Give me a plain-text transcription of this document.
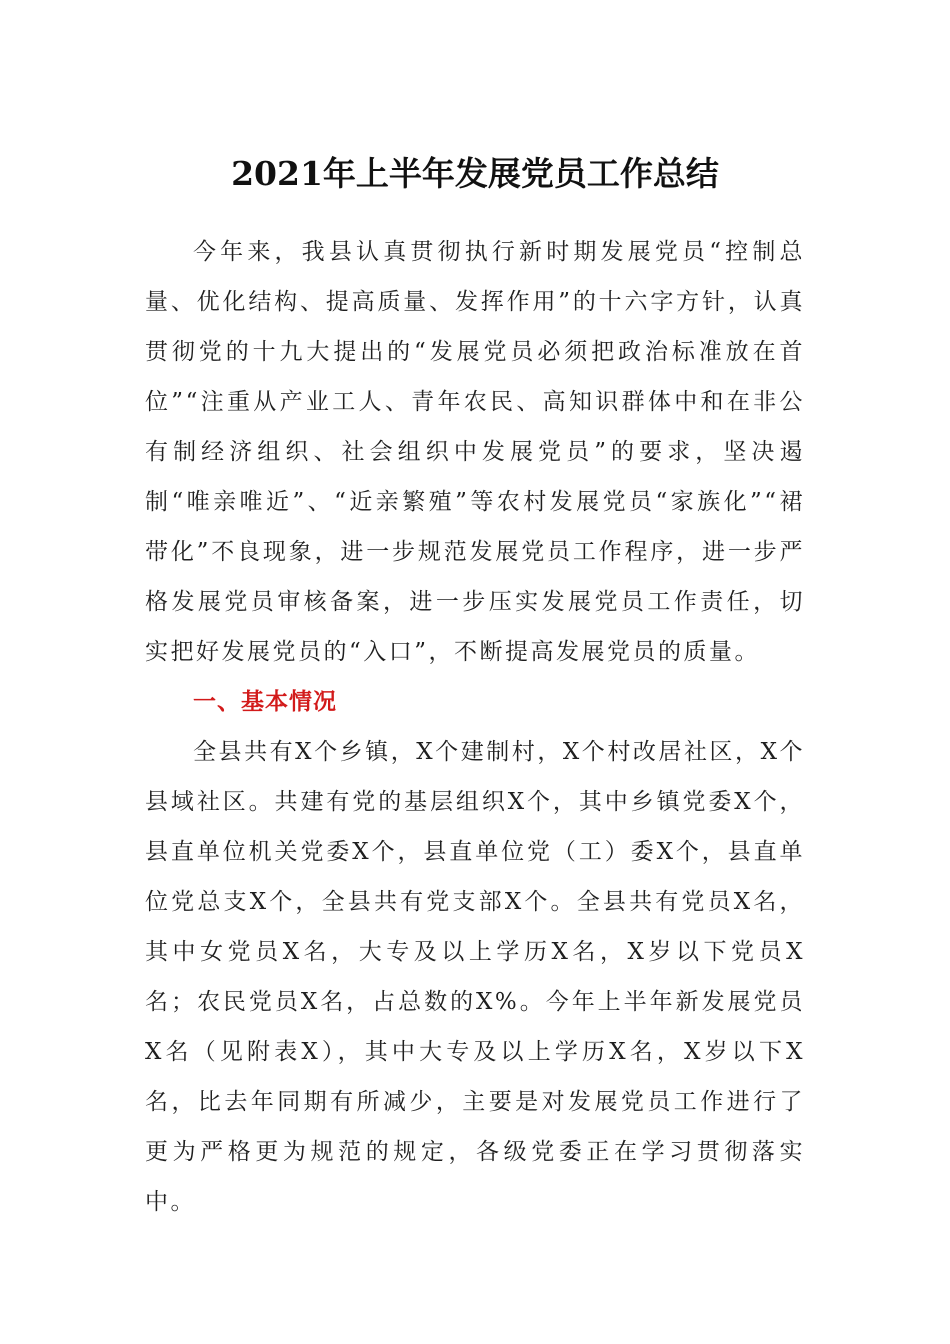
2021年上半年发展党员工作总结

今年来，我县认真贯彻执行新时期发展党员“控制总量、优化结构、提高质量、发挥作用”的十六字方针，认真贯彻党的十九大提出的“发展党员必须把政治标准放在首位”“注重从产业工人、青年农民、高知识群体中和在非公有制经济组织、社会组织中发展党员”的要求，坚决遏制“唯亲唯近”、“近亲繁殖”等农村发展党员“家族化”“裙带化”不良现象，进一步规范发展党员工作程序，进一步严格发展党员审核备案，进一步压实发展党员工作责任，切实把好发展党员的“入口”，不断提高发展党员的质量。

一、基本情况

全县共有X个乡镇，X个建制村，X个村改居社区，X个县域社区。共建有党的基层组织X个，其中乡镇党委X个，县直单位机关党委X个，县直单位党（工）委X个，县直单位党总支X个，全县共有党支部X个。全县共有党员X名，其中女党员X名，大专及以上学历X名，X岁以下党员X名；农民党员X名，占总数的X%。今年上半年新发展党员X名（见附表X），其中大专及以上学历X名，X岁以下X名，比去年同期有所减少，主要是对发展党员工作进行了更为严格更为规范的规定，各级党委正在学习贯彻落实中。
